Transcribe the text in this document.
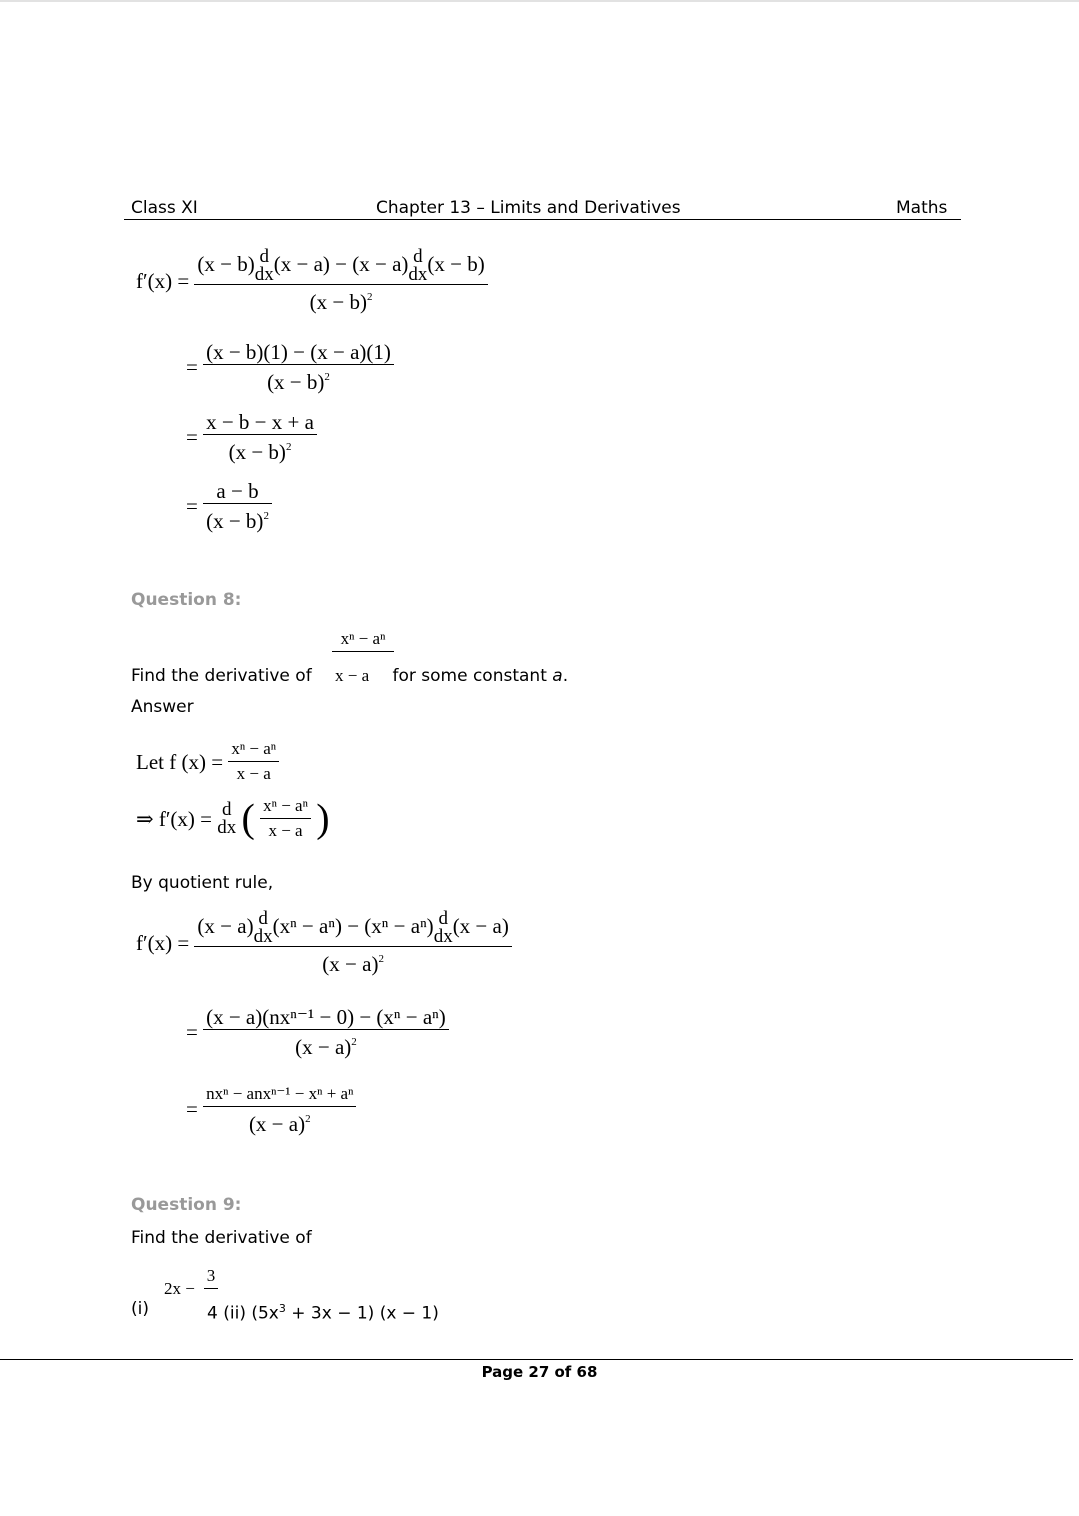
Class XI	Chapter 13 – Limits and Derivatives	Maths
f′(x) = (x − b) d
dx (x − a) − (x − a) d
dx (x − b)
$(x - b)^2$
= $\frac{(x - b)(1) - (x - a)(1)}{(x - b)^2}$
= $\frac{x - b - x + a}{(x - b)^2}$
= $\frac{a - b}{(x - b)^2}$
Question 8:
xⁿ − aⁿ
Find the derivative of x − a for some constant a.
Answer
Let f $(x) = \frac{\text{xⁿ − aⁿ}}{x - a}$
⇒ f′(x) = d
dx ( $\frac{\text{xⁿ − aⁿ}}{x - a}$ )
By quotient rule,
f′(x) = (x − a) d
dx (xⁿ − aⁿ) − (xⁿ − aⁿ) d
dx (x − a)
$(x - a)^2$
= $\frac{\text{(x − a)(nxⁿ⁻¹ − 0) − (xⁿ − aⁿ)}}{(x - a)^2}$
= $\frac{\text{nxⁿ − anxⁿ⁻¹ − xⁿ + aⁿ}}{(x - a)^2}$
Question 9:
Find the derivative of
(i)
2x −
3
4 (ii) $(5x^3 + 3x - 1) (x - 1)$
Page 27 of 68
